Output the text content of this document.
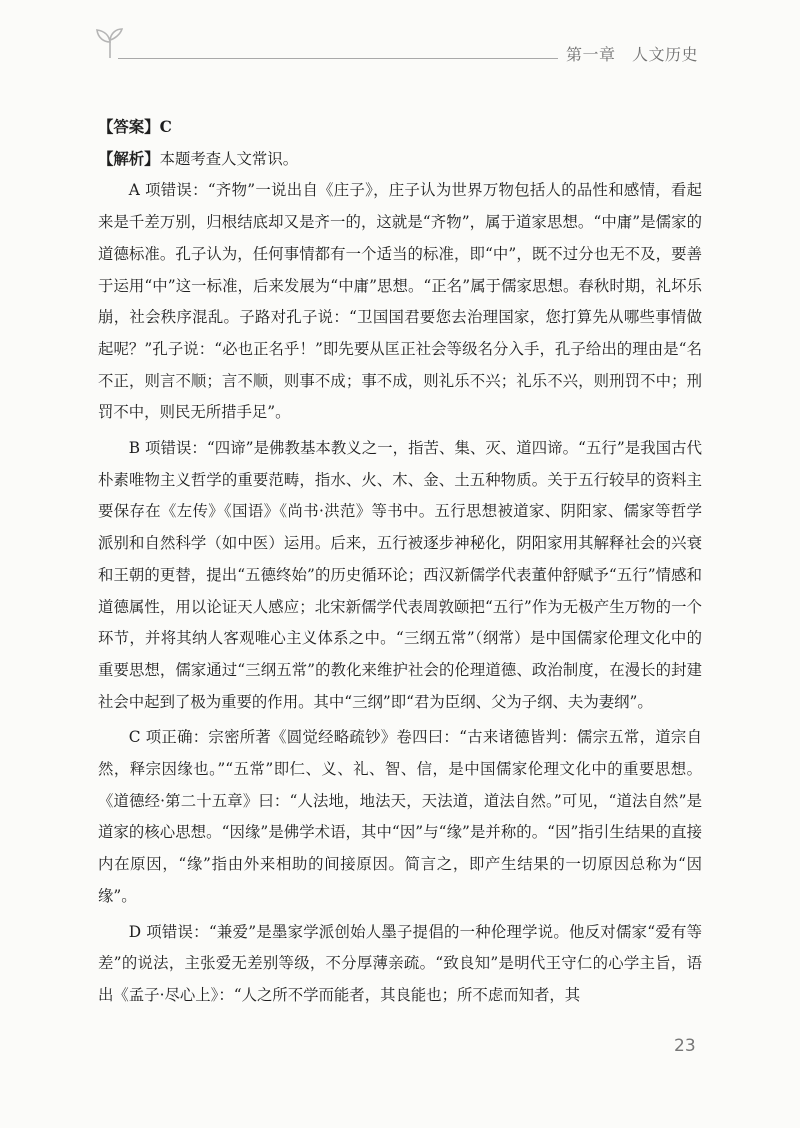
第一章　人文历史

【答案】C

【解析】本题考查人文常识。

A 项错误：“齐物”一说出自《庄子》，庄子认为世界万物包括人的品性和感情，看起来是千差万别，归根结底却又是齐一的，这就是“齐物”，属于道家思想。“中庸”是儒家的道德标准。孔子认为，任何事情都有一个适当的标准，即“中”，既不过分也无不及，要善于运用“中”这一标准，后来发展为“中庸”思想。“正名”属于儒家思想。春秋时期，礼坏乐崩，社会秩序混乱。子路对孔子说：“卫国国君要您去治理国家，您打算先从哪些事情做起呢？”孔子说：“必也正名乎！”即先要从匡正社会等级名分入手，孔子给出的理由是“名不正，则言不顺；言不顺，则事不成；事不成，则礼乐不兴；礼乐不兴，则刑罚不中；刑罚不中，则民无所措手足”。

B 项错误：“四谛”是佛教基本教义之一，指苦、集、灭、道四谛。“五行”是我国古代朴素唯物主义哲学的重要范畴，指水、火、木、金、土五种物质。关于五行较早的资料主要保存在《左传》《国语》《尚书·洪范》等书中。五行思想被道家、阴阳家、儒家等哲学派别和自然科学（如中医）运用。后来，五行被逐步神秘化，阴阳家用其解释社会的兴衰和王朝的更替，提出“五德终始”的历史循环论；西汉新儒学代表董仲舒赋予“五行”情感和道德属性，用以论证天人感应；北宋新儒学代表周敦颐把“五行”作为无极产生万物的一个环节，并将其纳人客观唯心主义体系之中。“三纲五常”（纲常）是中国儒家伦理文化中的重要思想，儒家通过“三纲五常”的教化来维护社会的伦理道德、政治制度，在漫长的封建社会中起到了极为重要的作用。其中“三纲”即“君为臣纲、父为子纲、夫为妻纲”。

C 项正确：宗密所著《圆觉经略疏钞》卷四曰：“古来诸德皆判：儒宗五常，道宗自然，释宗因缘也。”“五常”即仁、义、礼、智、信，是中国儒家伦理文化中的重要思想。《道德经·第二十五章》曰：“人法地，地法天，天法道，道法自然。”可见，“道法自然”是道家的核心思想。“因缘”是佛学术语，其中“因”与“缘”是并称的。“因”指引生结果的直接内在原因，“缘”指由外来相助的间接原因。简言之，即产生结果的一切原因总称为“因缘”。

D 项错误：“兼爱”是墨家学派创始人墨子提倡的一种伦理学说。他反对儒家“爱有等差”的说法，主张爱无差别等级，不分厚薄亲疏。“致良知”是明代王守仁的心学主旨，语出《孟子·尽心上》：“人之所不学而能者，其良能也；所不虑而知者，其

23
